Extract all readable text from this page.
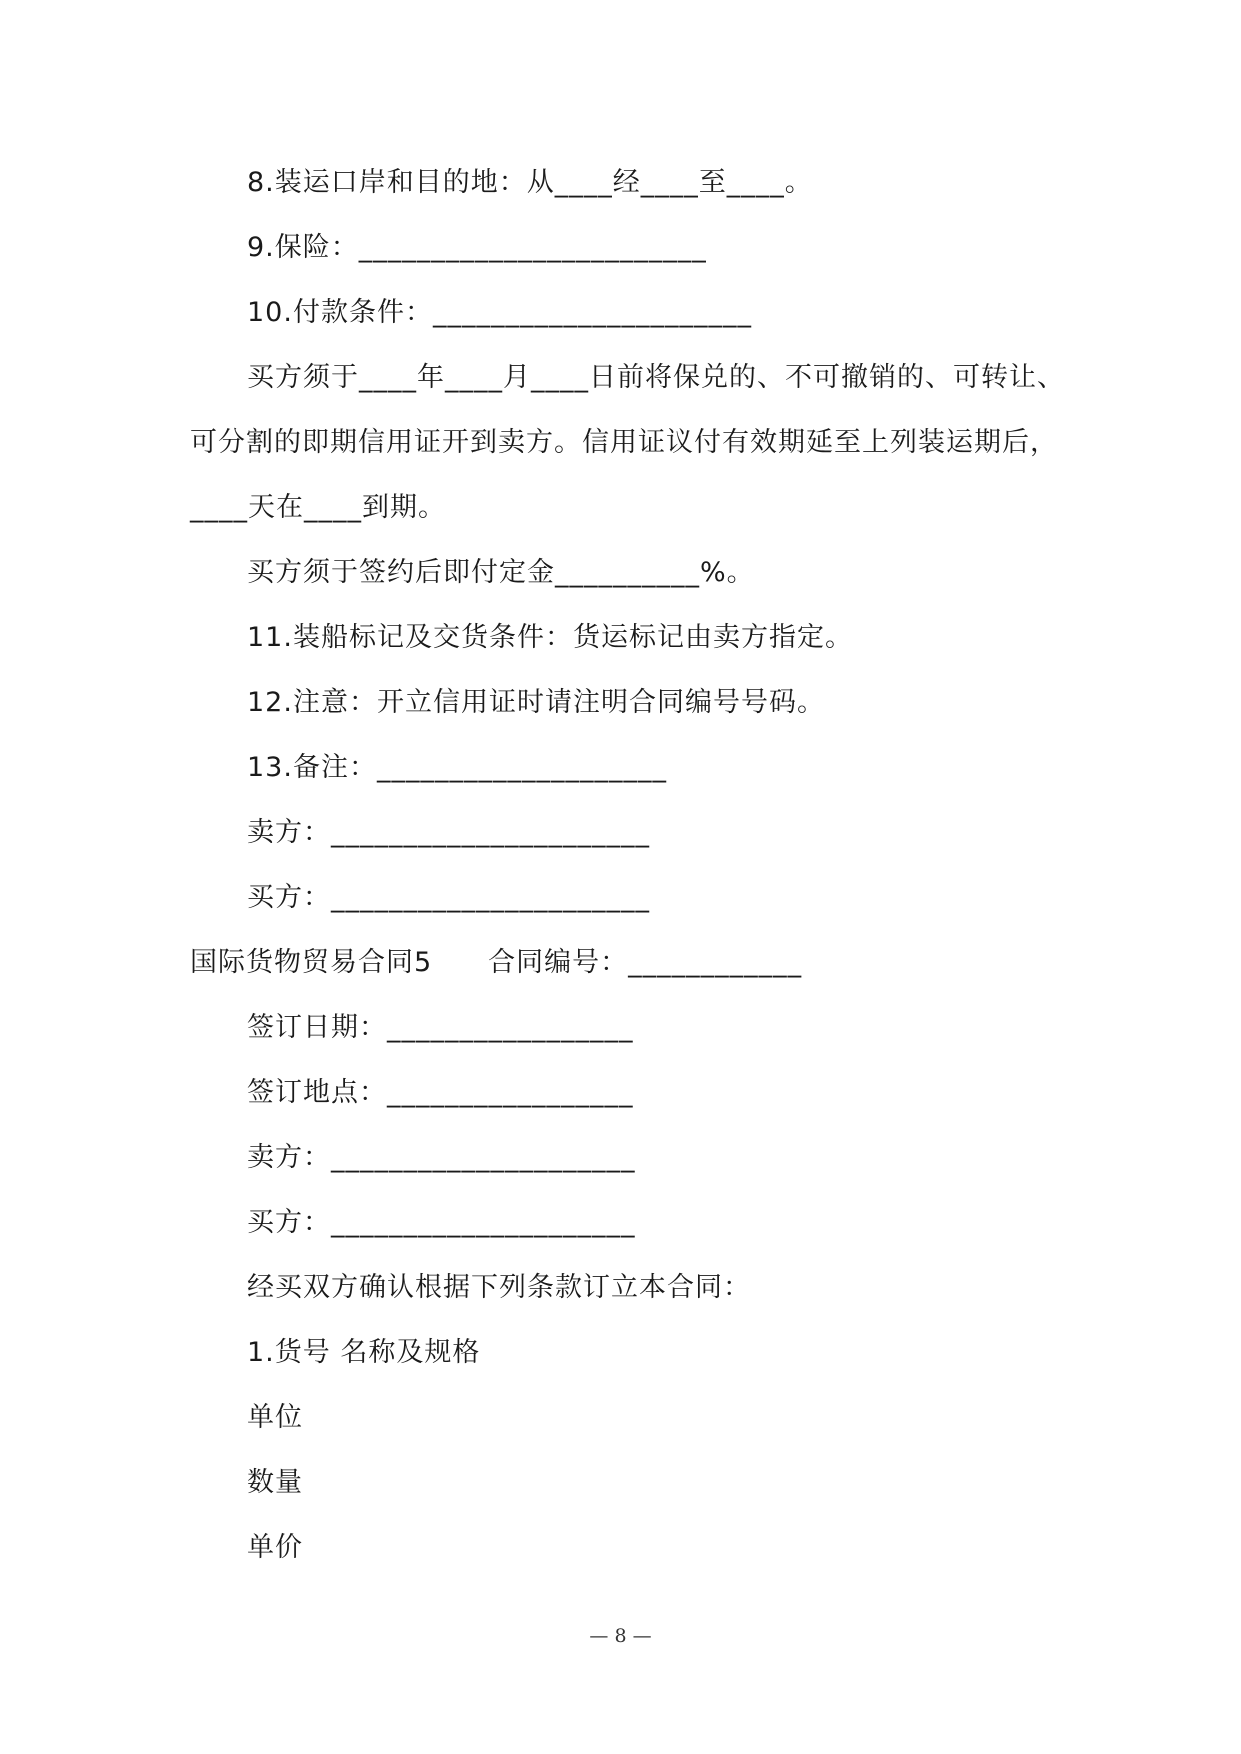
8.装运口岸和目的地：从____经____至____。
9.保险：________________________
10.付款条件：______________________
买方须于____年____月____日前将保兑的、不可撤销的、可转让、
可分割的即期信用证开到卖方。信用证议付有效期延至上列装运期后，
____天在____到期。
买方须于签约后即付定金__________%。
11.装船标记及交货条件：货运标记由卖方指定。
12.注意：开立信用证时请注明合同编号号码。
13.备注：____________________
卖方：______________________
买方：______________________
国际货物贸易合同5　　合同编号：____________
签订日期：_________________
签订地点：_________________
卖方：_____________________
买方：_____________________
经买双方确认根据下列条款订立本合同：
1.货号 名称及规格
单位
数量
单价
— 8 —
